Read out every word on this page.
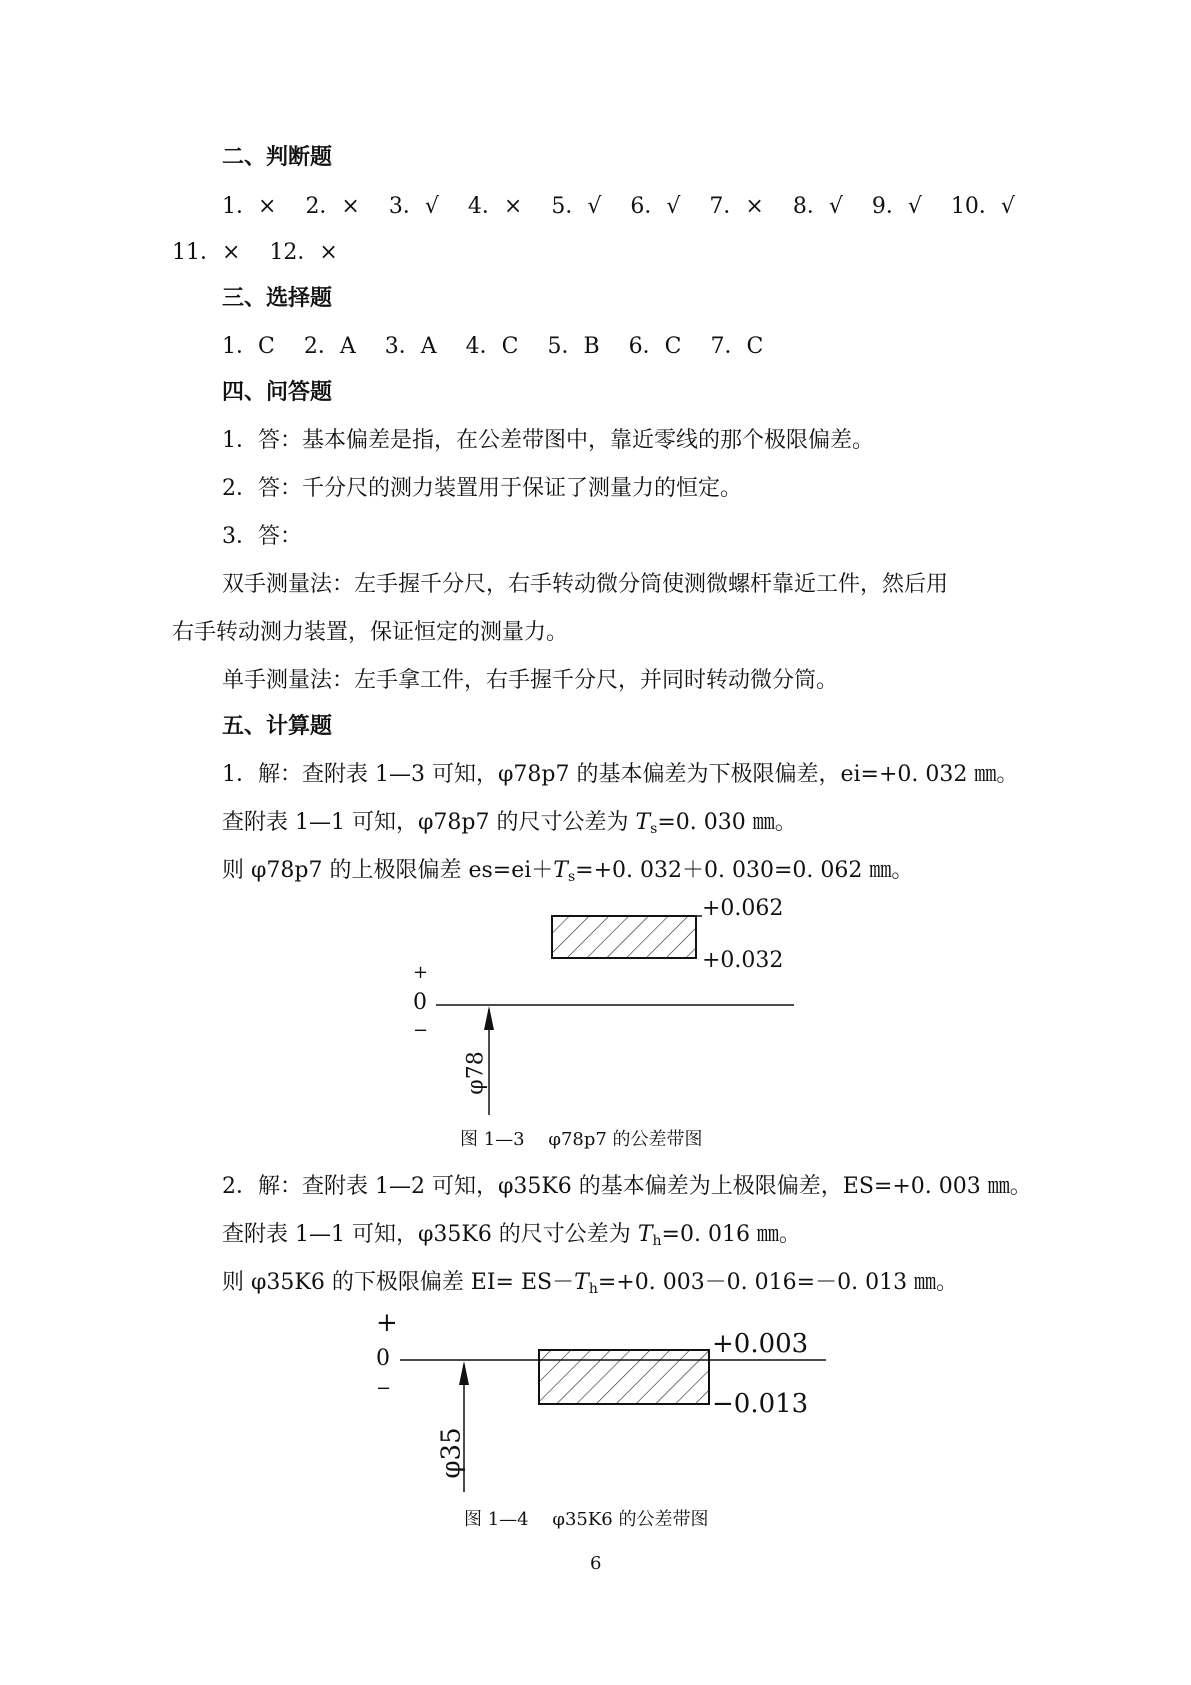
二、判断题
1．× 2．× 3．√ 4．× 5．√ 6．√ 7．× 8．√ 9．√ 10．√
11．× 12．×
三、选择题
1．C 2．A 3．A 4．C 5．B 6．C 7．C
四、问答题
1．答：基本偏差是指，在公差带图中，靠近零线的那个极限偏差。
2．答：千分尺的测力装置用于保证了测量力的恒定。
3．答：
双手测量法：左手握千分尺，右手转动微分筒使测微螺杆靠近工件，然后用
右手转动测力装置，保证恒定的测量力。
单手测量法：左手拿工件，右手握千分尺，并同时转动微分筒。
五、计算题
1．解：查附表 1—3 可知，φ78p7 的基本偏差为下极限偏差，ei=+0. 032 ㎜。
查附表 1—1 可知，φ78p7 的尺寸公差为 $T_s=0$. 030 ㎜。
则 φ78p7 的上极限偏差 $es=ei+T_s=+0$. 032＋0. 030=0. 062 ㎜。
+0.062
+0.032
+
0
−
φ78
图 1—3　 φ78p7 的公差带图
2．解：查附表 1—2 可知，φ35K6 的基本偏差为上极限偏差，ES=+0. 003 ㎜。
查附表 1—1 可知，φ35K6 的尺寸公差为 $T_h=0$. 016 ㎜。
则 φ35K6 的下极限偏差 $EI= ES-T_h=+0$. 003－0. 016=－0. 013 ㎜。
+0.003
−0.013
+
0
−
φ35
图 1—4　 φ35K6 的公差带图
6
